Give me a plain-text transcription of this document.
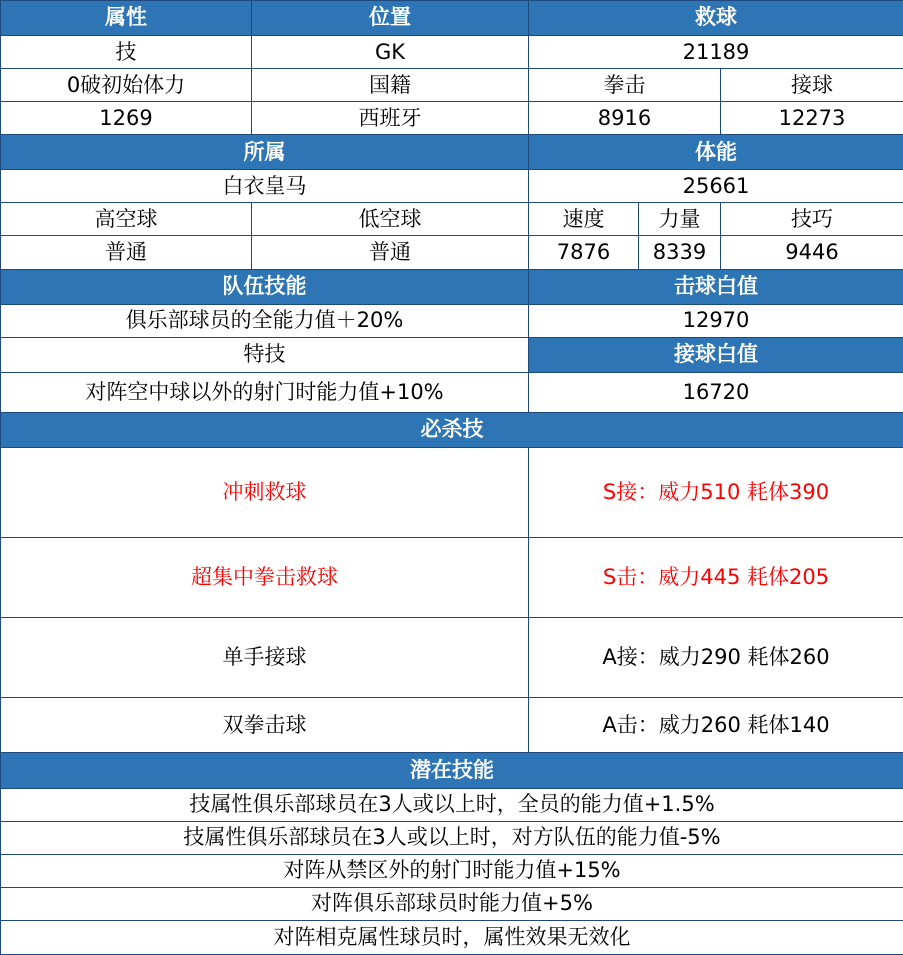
属性	位置	救球		
技	GK	21189		
0破初始体力	国籍	拳击		接球
1269	西班牙	8916		12273
所属		体能		
白衣皇马		25661		
高空球	低空球	速度	力量	技巧
普通	普通	7876	8339	9446
队伍技能		击球白值		
俱乐部球员的全能力值＋20%		12970		
特技		接球白值		
对阵空中球以外的射门时能力值+10%		16720		
必杀技				
冲刺救球		S接：威力510 耗体390		
超集中拳击救球		S击：威力445 耗体205		
单手接球		A接：威力290 耗体260		
双拳击球		A击：威力260 耗体140		
潜在技能				
技属性俱乐部球员在3人或以上时，全员的能力值+1.5%				
技属性俱乐部球员在3人或以上时，对方队伍的能力值-5%				
对阵从禁区外的射门时能力值+15%				
对阵俱乐部球员时能力值+5%				
对阵相克属性球员时，属性效果无效化				
